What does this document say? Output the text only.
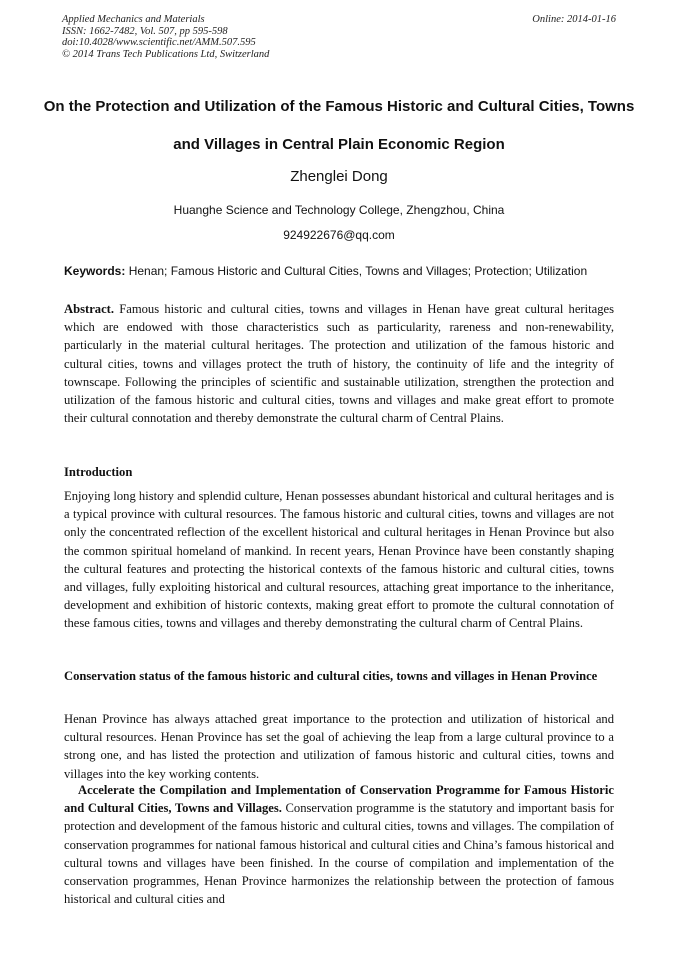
Applied Mechanics and Materials
ISSN: 1662-7482, Vol. 507, pp 595-598
doi:10.4028/www.scientific.net/AMM.507.595
© 2014 Trans Tech Publications Ltd, Switzerland
Online: 2014-01-16
On the Protection and Utilization of the Famous Historic and Cultural Cities, Towns and Villages in Central Plain Economic Region
Zhenglei Dong
Huanghe Science and Technology College, Zhengzhou, China
924922676@qq.com
Keywords: Henan; Famous Historic and Cultural Cities, Towns and Villages; Protection; Utilization
Abstract. Famous historic and cultural cities, towns and villages in Henan have great cultural heritages which are endowed with those characteristics such as particularity, rareness and non-renewability, particularly in the material cultural heritages. The protection and utilization of the famous historic and cultural cities, towns and villages protect the truth of history, the continuity of life and the integrity of townscape. Following the principles of scientific and sustainable utilization, strengthen the protection and utilization of the famous historic and cultural cities, towns and villages and make great effort to promote their cultural connotation and thereby demonstrate the cultural charm of Central Plains.
Introduction
Enjoying long history and splendid culture, Henan possesses abundant historical and cultural heritages and is a typical province with cultural resources. The famous historic and cultural cities, towns and villages are not only the concentrated reflection of the excellent historical and cultural heritages in Henan Province but also the common spiritual homeland of mankind. In recent years, Henan Province have been constantly shaping the cultural features and protecting the historical contexts of the famous historic and cultural cities, towns and villages, fully exploiting historical and cultural resources, attaching great importance to the inheritance, development and exhibition of historic contexts, making great effort to promote the cultural connotation of these famous cities, towns and villages and thereby demonstrating the cultural charm of Central Plains.
Conservation status of the famous historic and cultural cities, towns and villages in Henan Province
Henan Province has always attached great importance to the protection and utilization of historical and cultural resources. Henan Province has set the goal of achieving the leap from a large cultural province to a strong one, and has listed the protection and utilization of famous historic and cultural cities, towns and villages into the key working contents.
Accelerate the Compilation and Implementation of Conservation Programme for Famous Historic and Cultural Cities, Towns and Villages. Conservation programme is the statutory and important basis for protection and development of the famous historic and cultural cities, towns and villages. The compilation of conservation programmes for national famous historical and cultural cities and China’s famous historical and cultural towns and villages have been finished. In the course of compilation and implementation of the conservation programmes, Henan Province harmonizes the relationship between the protection of famous historical and cultural cities and
